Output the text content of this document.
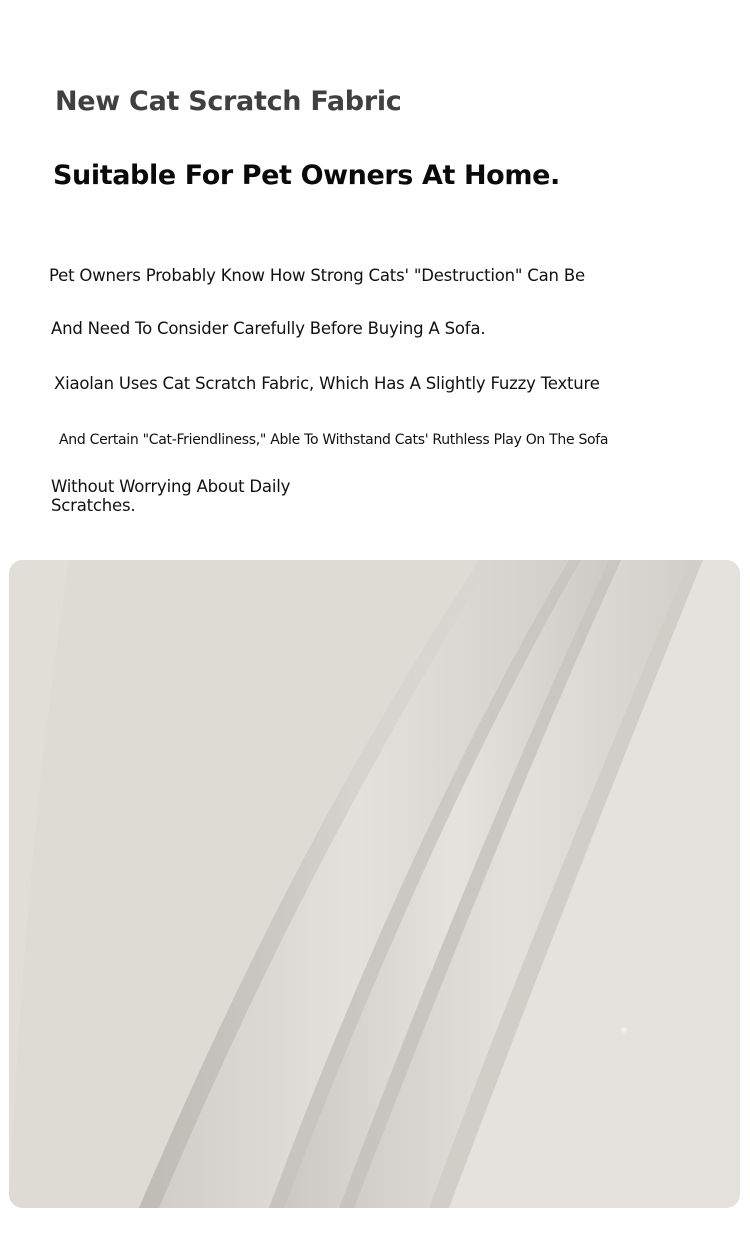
New Cat Scratch Fabric
Suitable For Pet Owners At Home.
Pet Owners Probably Know How Strong Cats' "Destruction" Can Be
And Need To Consider Carefully Before Buying A Sofa.
Xiaolan Uses Cat Scratch Fabric, Which Has A Slightly Fuzzy Texture
And Certain "Cat-Friendliness," Able To Withstand Cats' Ruthless Play On The Sofa
Without Worrying About Daily Scratches.
